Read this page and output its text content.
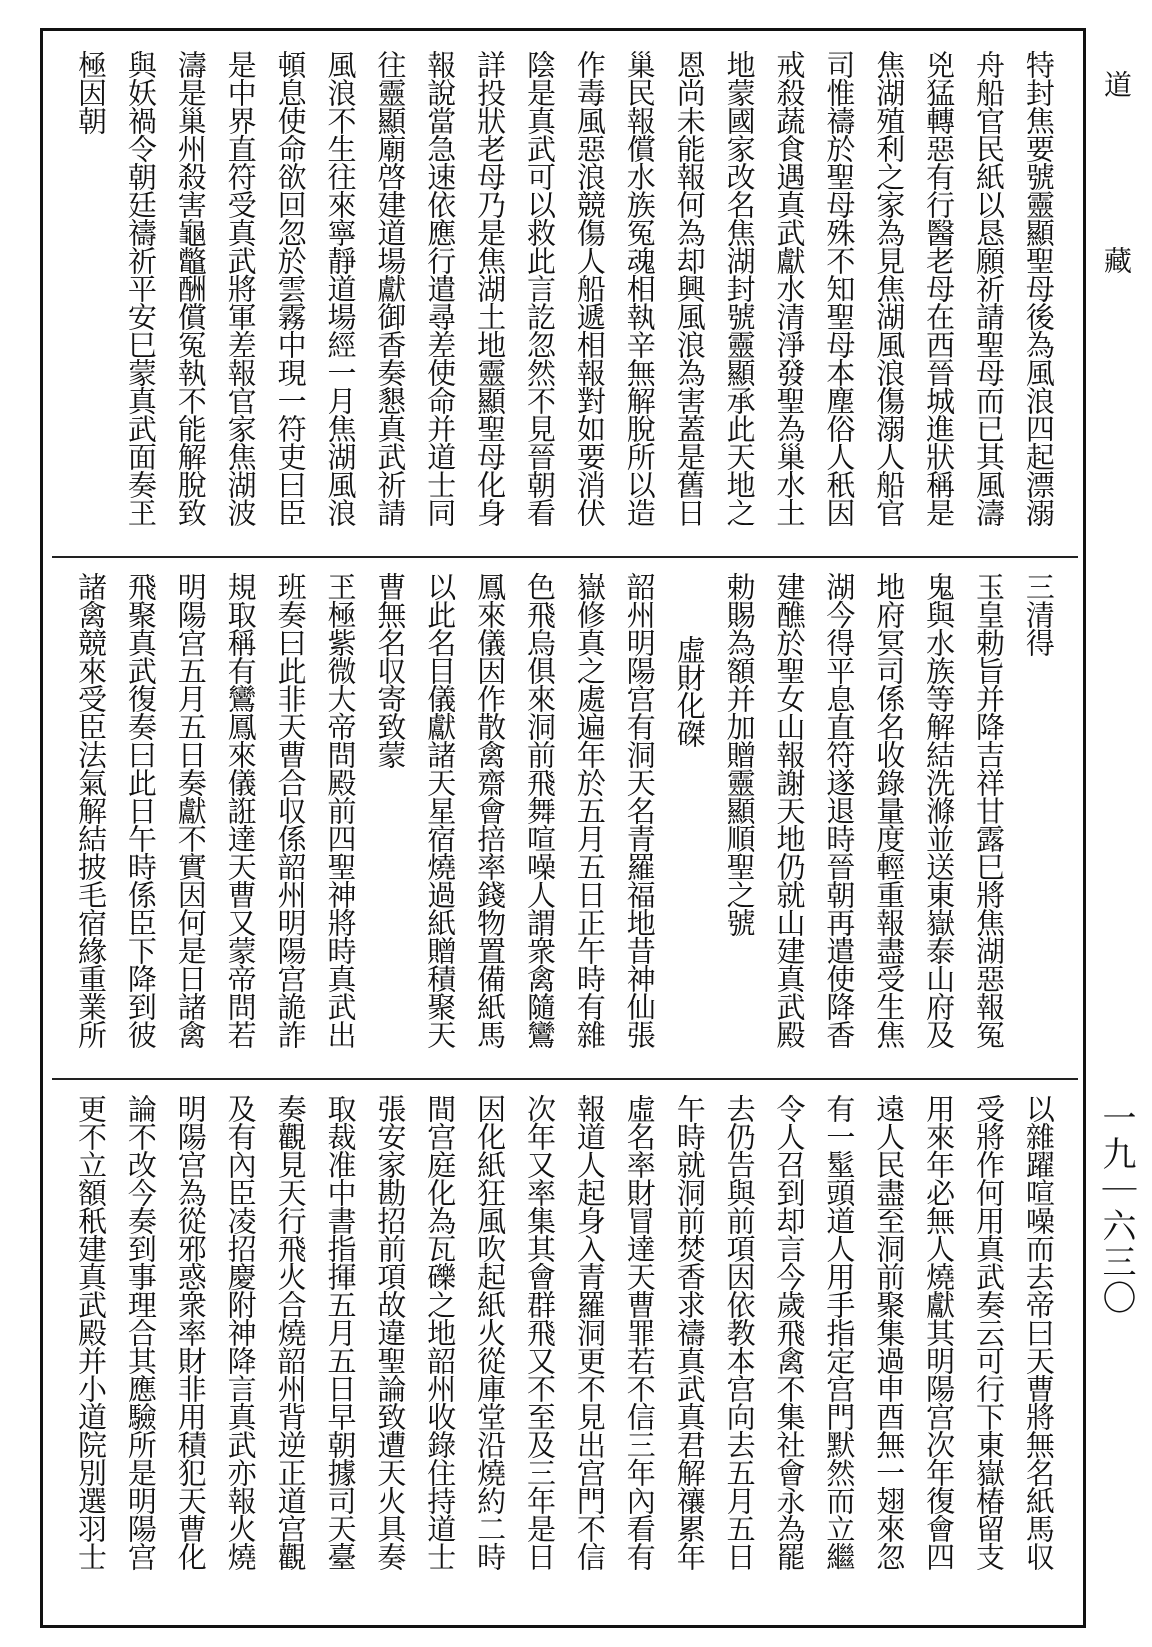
特封焦要號靈顯聖母後為風浪四起漂溺
舟船官民紙以恳願祈請聖母而已其風濤
兇猛轉惡有行醫老母在西晉城進狀稱是
焦湖殖利之家為見焦湖風浪傷溺人船官
司惟禱於聖母殊不知聖母本塵俗人秖因
戒殺蔬食遇真武獻水清淨發聖為巢水土
地蒙國家改名焦湖封號靈顯承此天地之
恩尚未能報何為却興風浪為害蓋是舊日
巢民報償水族冤魂相執辛無解脫所以造
作毒風惡浪競傷人船遞相報對如要消伏
陰是真武可以救此言訖忽然不見晉朝看
詳投狀老母乃是焦湖土地靈顯聖母化身
報說當急速依應行遣尋差使命并道士同
往靈顯廟啓建道場獻御香奏懇真武祈請
風浪不生往來寧靜道場經一月焦湖風浪
頓息使命欲回忽於雲霧中現一符吏曰臣
是中界直符受真武將軍差報官家焦湖波
濤是巢州殺害龜鼈酬償冤執不能解脫致
與妖禍令朝廷禱祈平安巳蒙真武面奏玊
極因朝
三清得
玉皇勅旨并降吉祥甘露巳將焦湖惡報冤
鬼與水族等解結洗滌並送東嶽泰山府及
地府冥司係名收錄量度輕重報盡受生焦
湖今得平息直符遂退時晉朝再遣使降香
建醮於聖女山報謝天地仍就山建真武殿
勅賜為額并加贈靈顯順聖之號
虛財化磔
韶州明陽宫有洞天名青羅福地昔神仙張
嶽修真之處遍年於五月五日正午時有雜
色飛烏俱來洞前飛舞喧噪人謂衆禽隨鸞
鳳來儀因作散禽齋會掊率錢物置備紙馬
以此名目儀獻諸天星宿燒過紙贈積聚天
曹無名収寄致蒙
玊極紫微大帝問殿前四聖神將時真武出
班奏曰此非天曹合収係韶州明陽宫詭詐
規取稱有鸞鳳來儀誑達天曹又蒙帝問若
明陽宫五月五日奏獻不實因何是日諸禽
飛聚真武復奏曰此日午時係臣下降到彼
諸禽競來受臣法氣解結披毛宿緣重業所
以雜躍喧噪而去帝曰天曹將無名紙馬収
受將作何用真武奏云可行下東嶽椿留支
用來年必無人燒獻其明陽宫次年復會四
遠人民盡至洞前聚集過申酉無一翅來忽
有一髽頭道人用手指定宫門默然而立繼
令人召到却言今歲飛禽不集社會永為罷
去仍告與前項因依教本宫向去五月五日
午時就洞前焚香求禱真武真君解禳累年
虛名率財冒達天曹罪若不信三年內看有
報道人起身入青羅洞更不見出宫門不信
次年又率集其會群飛又不至及三年是日
因化紙狂風吹起紙火從庫堂沿燒約二時
間宫庭化為瓦礫之地韶州收錄住持道士
張安家勘招前項故違聖論致遭天火具奏
取裁准中書指揮五月五日早朝據司天臺
奏觀見天行飛火合燒韶州背逆正道宫觀
及有內臣凌招慶附神降言真武亦報火燒
明陽宫為從邪惑衆率財非用積犯天曹化
論不改今奏到事理合其應驗所是明陽宫
更不立額秖建真武殿并小道院別選羽士
道　藏
一九｜六三〇
